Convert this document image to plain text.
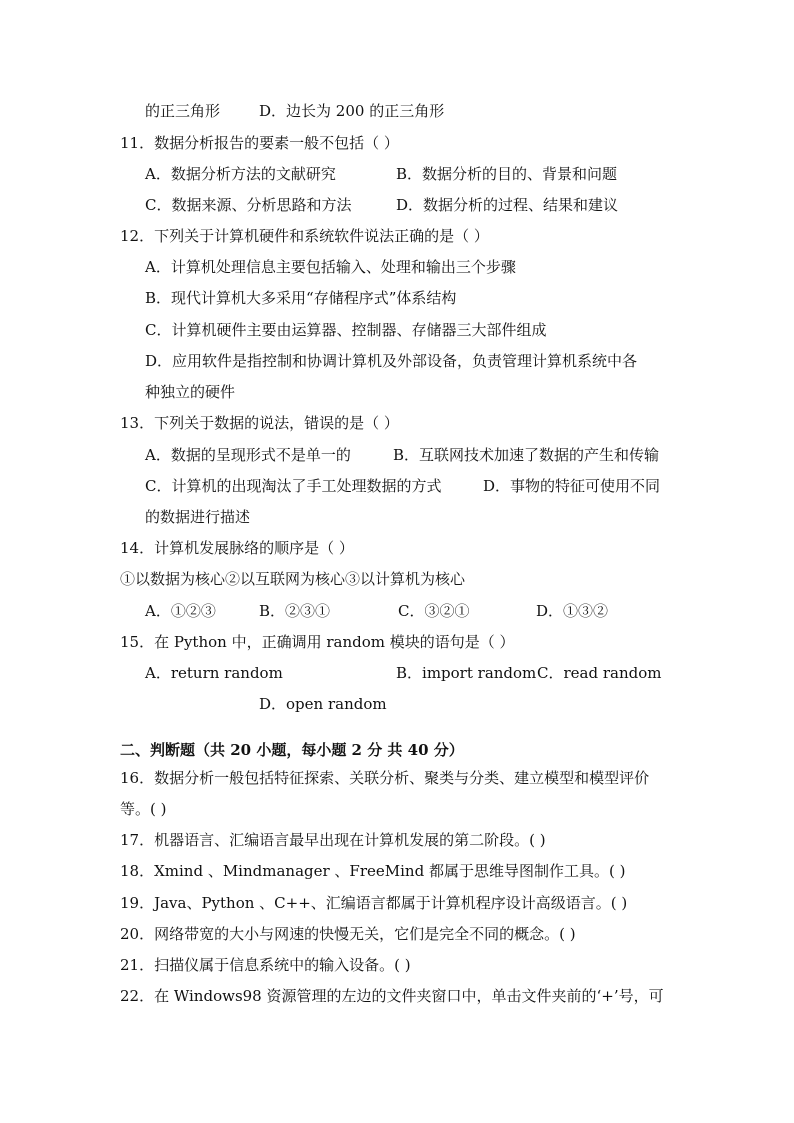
的正三角形	D．边长为 200 的正三角形
11．数据分析报告的要素一般不包括（ ）
A．数据分析方法的文献研究	B．数据分析的目的、背景和问题
C．数据来源、分析思路和方法	D．数据分析的过程、结果和建议
12．下列关于计算机硬件和系统软件说法正确的是（ ）
A．计算机处理信息主要包括输入、处理和输出三个步骤
B．现代计算机大多采用“存储程序式”体系结构
C．计算机硬件主要由运算器、控制器、存储器三大部件组成
D．应用软件是指控制和协调计算机及外部设备，负责管理计算机系统中各
种独立的硬件
13．下列关于数据的说法，错误的是（ ）
A．数据的呈现形式不是单一的	B．互联网技术加速了数据的产生和传输
C．计算机的出现淘汰了手工处理数据的方式	D．事物的特征可使用不同
的数据进行描述
14．计算机发展脉络的顺序是（ ）
①以数据为核心②以互联网为核心③以计算机为核心
A．①②③	B．②③①	C．③②①	D．①③②
15．在 Python 中，正确调用 random 模块的语句是（ ）
A．return random	B．import random C．read random
D．open random
二、判断题（共 20 小题，每小题 2 分 共 40 分）
16．数据分析一般包括特征探索、关联分析、聚类与分类、建立模型和模型评价
等。( )
17．机器语言、汇编语言最早出现在计算机发展的第二阶段。( )
18．Xmind 、Mindmanager 、FreeMind 都属于思维导图制作工具。( )
19．Java、Python 、C++、汇编语言都属于计算机程序设计高级语言。( )
20．网络带宽的大小与网速的快慢无关，它们是完全不同的概念。( )
21．扫描仪属于信息系统中的输入设备。( )
22．在 Windows98 资源管理的左边的文件夹窗口中，单击文件夹前的‘+’号，可
